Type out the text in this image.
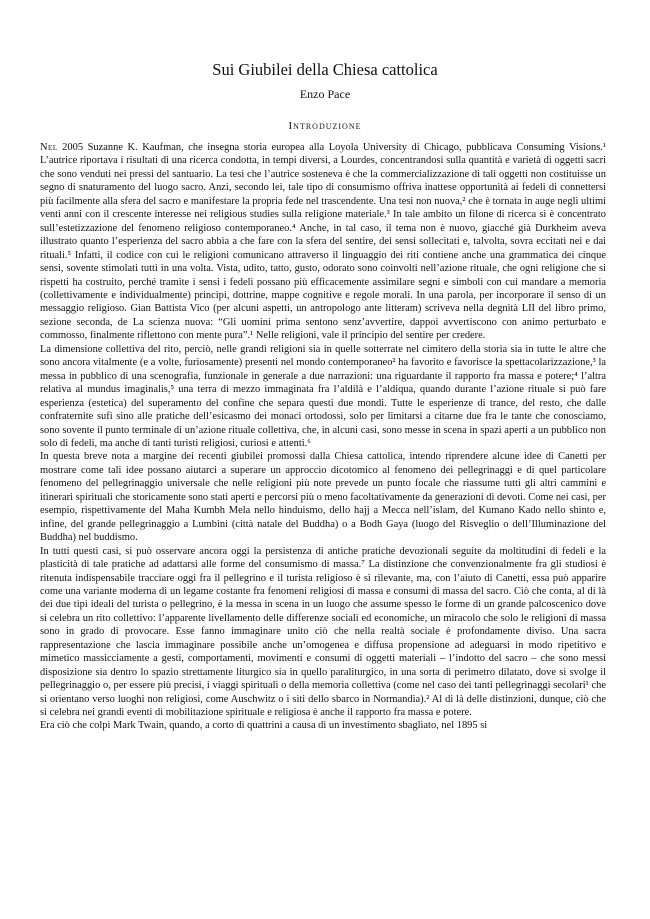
Sui Giubilei della Chiesa cattolica
Enzo Pace
Introduzione

Nel 2005 Suzanne K. Kaufman, che insegna storia europea alla Loyola University di Chicago, pubblicava Consuming Visions.¹ L’autrice riportava i risultati di una ricerca condotta, in tempi diversi, a Lourdes, concentrandosi sulla quantità e varietà di oggetti sacri che sono venduti nei pressi del santuario. La tesi che l’autrice sosteneva è che la commercializzazione di tali oggetti non costituisse un segno di snaturamento del luogo sacro. Anzi, secondo lei, tale tipo di consumismo offriva inattese opportunità ai fedeli di connettersi più facilmente alla sfera del sacro e manifestare la propria fede nel trascendente. Una tesi non nuova,² che è tornata in auge negli ultimi venti anni con il crescente interesse nei religious studies sulla religione materiale.³ In tale ambito un filone di ricerca si è concentrato sull’estetizzazione del fenomeno religioso contemporaneo.⁴ Anche, in tal caso, il tema non è nuovo, giacché già Durkheim aveva illustrato quanto l’esperienza del sacro abbia a che fare con la sfera del sentire, dei sensi sollecitati e, talvolta, sovra eccitati nei e dai rituali.⁵ Infatti, il codice con cui le religioni comunicano attraverso il linguaggio dei riti contiene anche una grammatica dei cinque sensi, sovente stimolati tutti in una volta. Vista, udito, tatto, gusto, odorato sono coinvolti nell’azione rituale, che ogni religione che si rispetti ha costruito, perché tramite i sensi i fedeli possano più efficacemente assimilare segni e simboli con cui mandare a memoria (collettivamente e individualmente) principi, dottrine, mappe cognitive e regole morali. In una parola, per incorporare il senso di un messaggio religioso. Gian Battista Vico (per alcuni aspetti, un antropologo ante litteram) scriveva nella degnità LII del libro primo, sezione seconda, de La scienza nuova: “Gli uomini prima sentono senz’avvertire, dappoi avvertiscono con animo perturbato e commosso, finalmente riflettono con mente pura”.¹ Nelle religioni, vale il principio del sentire per credere.

La dimensione collettiva del rito, perciò, nelle grandi religioni sia in quelle sotterrate nel cimitero della storia sia in tutte le altre che sono ancora vitalmente (e a volte, furiosamente) presenti nel mondo contemporaneo² ha favorito e favorisce la spettacolarizzazione,³ la messa in pubblico di una scenografia, funzionale in generale a due narrazioni: una riguardante il rapporto fra massa e potere;⁴ l’altra relativa al mundus imaginalis,⁵ una terra di mezzo immaginata fra l’aldilà e l’aldiqua, quando durante l’azione rituale si può fare esperienza (estetica) del superamento del confine che separa questi due mondi. Tutte le esperienze di trance, del resto, che dalle confraternite sufi sino alle pratiche dell’esicasmo dei monaci ortodossi, solo per limitarsi a citarne due fra le tante che conosciamo, sono sovente il punto terminale di un’azione rituale collettiva, che, in alcuni casi, sono messe in scena in spazi aperti a un pubblico non solo di fedeli, ma anche di tanti turisti religiosi, curiosi e attenti.⁶

In questa breve nota a margine dei recenti giubilei promossi dalla Chiesa cattolica, intendo riprendere alcune idee di Canetti per mostrare come tali idee possano aiutarci a superare un approccio dicotomico al fenomeno dei pellegrinaggi e di quel particolare fenomeno del pellegrinaggio universale che nelle religioni più note prevede un punto focale che riassume tutti gli altri cammini e itinerari spirituali che storicamente sono stati aperti e percorsi più o meno facoltativamente da generazioni di devoti. Come nei casi, per esempio, rispettivamente del Maha Kumbh Mela nello hinduismo, dello hajj a Mecca nell’islam, del Kumano Kado nello shinto e, infine, del grande pellegrinaggio a Lumbini (città natale del Buddha) o a Bodh Gaya (luogo del Risveglio o dell’Illuminazione del Buddha) nel buddismo.

In tutti questi casi, si può osservare ancora oggi la persistenza di antiche pratiche devozionali seguite da moltitudini di fedeli e la plasticità di tale pratiche ad adattarsi alle forme del consumismo di massa.⁷ La distinzione che convenzionalmente fra gli studiosi è ritenuta indispensabile tracciare oggi fra il pellegrino e il turista religioso è sì rilevante, ma, con l’aiuto di Canetti, essa può apparire come una variante moderna di un legame costante fra fenomeni religiosi di massa e consumi di massa del sacro. Ciò che conta, al di là dei due tipi ideali del turista o pellegrino, è la messa in scena in un luogo che assume spesso le forme di un grande palcoscenico dove si celebra un rito collettivo: l’apparente livellamento delle differenze sociali ed economiche, un miracolo che solo le religioni di massa sono in grado di provocare. Esse fanno immaginare unito ciò che nella realtà sociale è profondamente diviso. Una sacra rappresentazione che lascia immaginare possibile anche un’omogenea e diffusa propensione ad adeguarsi in modo ripetitivo e mimetico massicciamente a gesti, comportamenti, movimenti e consumi di oggetti materiali – l’indotto del sacro – che sono messi disposizione sia dentro lo spazio strettamente liturgico sia in quello paraliturgico, in una sorta di perimetro dilatato, dove si svolge il pellegrinaggio o, per essere più precisi, i viaggi spirituali o della memoria collettiva (come nel caso dei tanti pellegrinaggi secolari¹ che si orientano verso luoghi non religiosi, come Auschwitz o i siti dello sbarco in Normandia).² Al di là delle distinzioni, dunque, ciò che si celebra nei grandi eventi di mobilitazione spirituale e religiosa è anche il rapporto fra massa e potere.

Era ciò che colpì Mark Twain, quando, a corto di quattrini a causa di un investimento sbagliato, nel 1895 si
